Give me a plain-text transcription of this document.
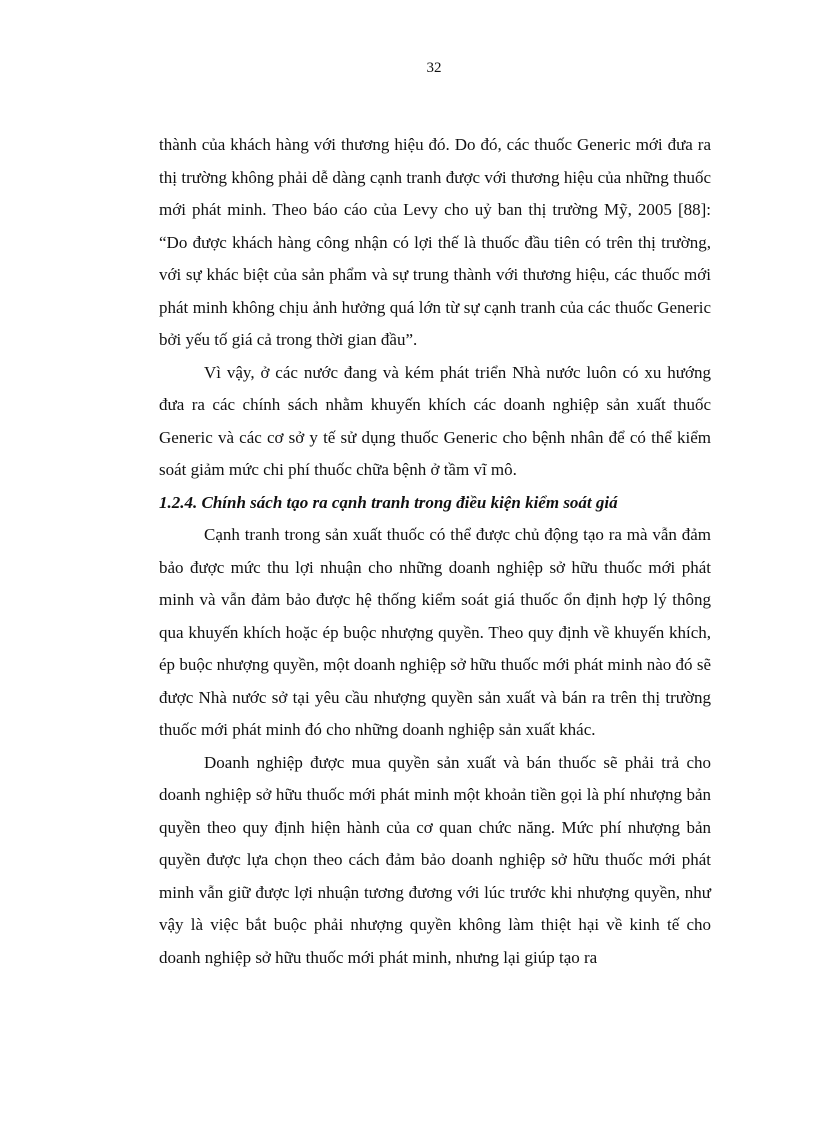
32

thành của khách hàng với thương hiệu đó. Do đó, các thuốc Generic mới đưa ra thị trường không phải dễ dàng cạnh tranh được với thương hiệu của những thuốc mới phát minh. Theo báo cáo của Levy cho uỷ ban thị trường Mỹ, 2005 [88]: “Do được khách hàng công nhận có lợi thế là thuốc đầu tiên có trên thị trường, với sự khác biệt của sản phẩm và sự trung thành với thương hiệu, các thuốc mới phát minh không chịu ảnh hưởng quá lớn từ sự cạnh tranh của các thuốc Generic bởi yếu tố giá cả trong thời gian đầu”.

Vì vậy, ở các nước đang và kém phát triển Nhà nước luôn có xu hướng đưa ra các chính sách nhằm khuyến khích các doanh nghiệp sản xuất thuốc Generic và các cơ sở y tế sử dụng thuốc Generic cho bệnh nhân để có thể kiểm soát giảm mức chi phí thuốc chữa bệnh ở tầm vĩ mô.

1.2.4. Chính sách tạo ra cạnh tranh trong điều kiện kiểm soát giá

Cạnh tranh trong sản xuất thuốc có thể được chủ động tạo ra mà vẫn đảm bảo được mức thu lợi nhuận cho những doanh nghiệp sở hữu thuốc mới phát minh và vẫn đảm bảo được hệ thống kiểm soát giá thuốc ổn định hợp lý thông qua khuyến khích hoặc ép buộc nhượng quyền. Theo quy định về khuyến khích, ép buộc nhượng quyền, một doanh nghiệp sở hữu thuốc mới phát minh nào đó sẽ được Nhà nước sở tại yêu cầu nhượng quyền sản xuất và bán ra trên thị trường thuốc mới phát minh đó cho những doanh nghiệp sản xuất khác.

Doanh nghiệp được mua quyền sản xuất và bán thuốc sẽ phải trả cho doanh nghiệp sở hữu thuốc mới phát minh một khoản tiền gọi là phí nhượng bản quyền theo quy định hiện hành của cơ quan chức năng. Mức phí nhượng bản quyền được lựa chọn theo cách đảm bảo doanh nghiệp sở hữu thuốc mới phát minh vẫn giữ được lợi nhuận tương đương với lúc trước khi nhượng quyền, như vậy là việc bắt buộc phải nhượng quyền không làm thiệt hại về kinh tế cho doanh nghiệp sở hữu thuốc mới phát minh, nhưng lại giúp tạo ra
